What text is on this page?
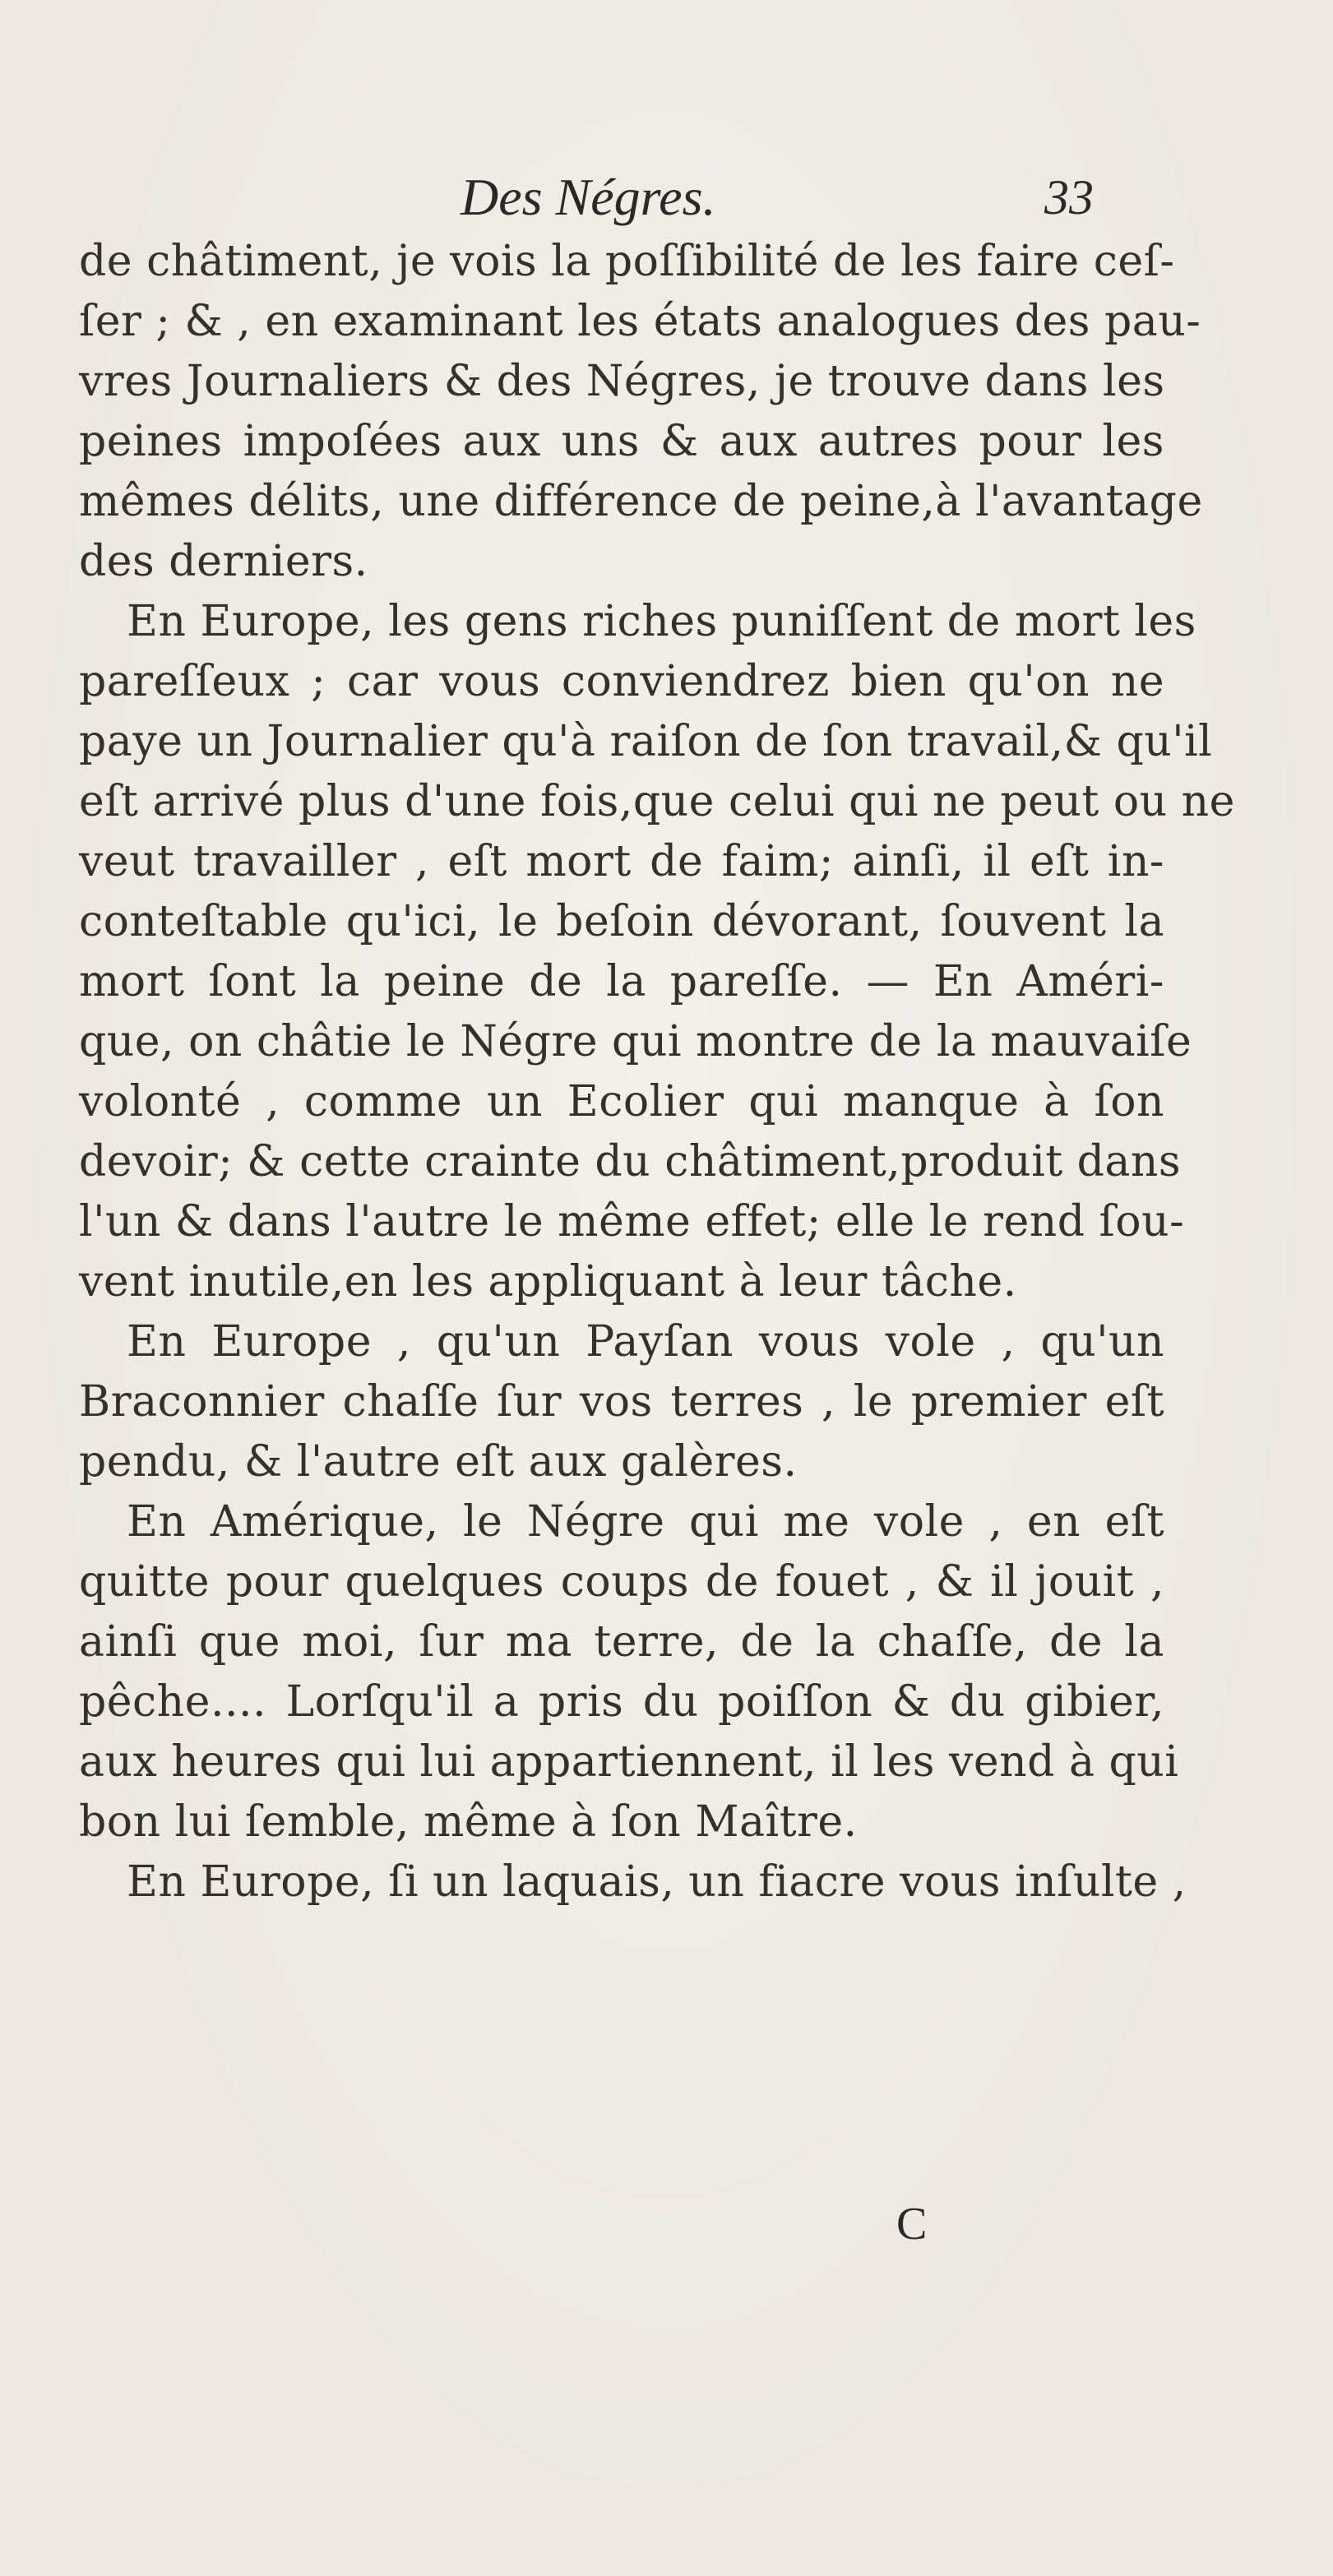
Des Négres.	33
de châtiment, je vois la poſſibilité de les faire ceſ-
ſer ; & , en examinant les états analogues des pau-
vres Journaliers & des Négres, je trouve dans les
peines impoſées aux uns & aux autres pour les
mêmes délits, une différence de peine,à l'avantage
des derniers.
En Europe, les gens riches puniſſent de mort les
pareſſeux ; car vous conviendrez bien qu'on ne
paye un Journalier qu'à raiſon de ſon travail,& qu'il
eſt arrivé plus d'une fois,que celui qui ne peut ou ne
veut travailler , eſt mort de faim; ainſi, il eſt in-
conteſtable qu'ici, le beſoin dévorant, ſouvent la
mort ſont la peine de la pareſſe. — En Améri-
que, on châtie le Négre qui montre de la mauvaiſe
volonté , comme un Ecolier qui manque à ſon
devoir; & cette crainte du châtiment,produit dans
l'un & dans l'autre le même effet; elle le rend ſou-
vent inutile,en les appliquant à leur tâche.
En Europe , qu'un Payſan vous vole , qu'un
Braconnier chaſſe ſur vos terres , le premier eſt
pendu, & l'autre eſt aux galères.
En Amérique, le Négre qui me vole , en eſt
quitte pour quelques coups de fouet , & il jouit ,
ainſi que moi, ſur ma terre, de la chaſſe, de la
pêche.... Lorſqu'il a pris du poiſſon & du gibier,
aux heures qui lui appartiennent, il les vend à qui
bon lui ſemble, même à ſon Maître.
En Europe, ſi un laquais, un fiacre vous inſulte ,
C
